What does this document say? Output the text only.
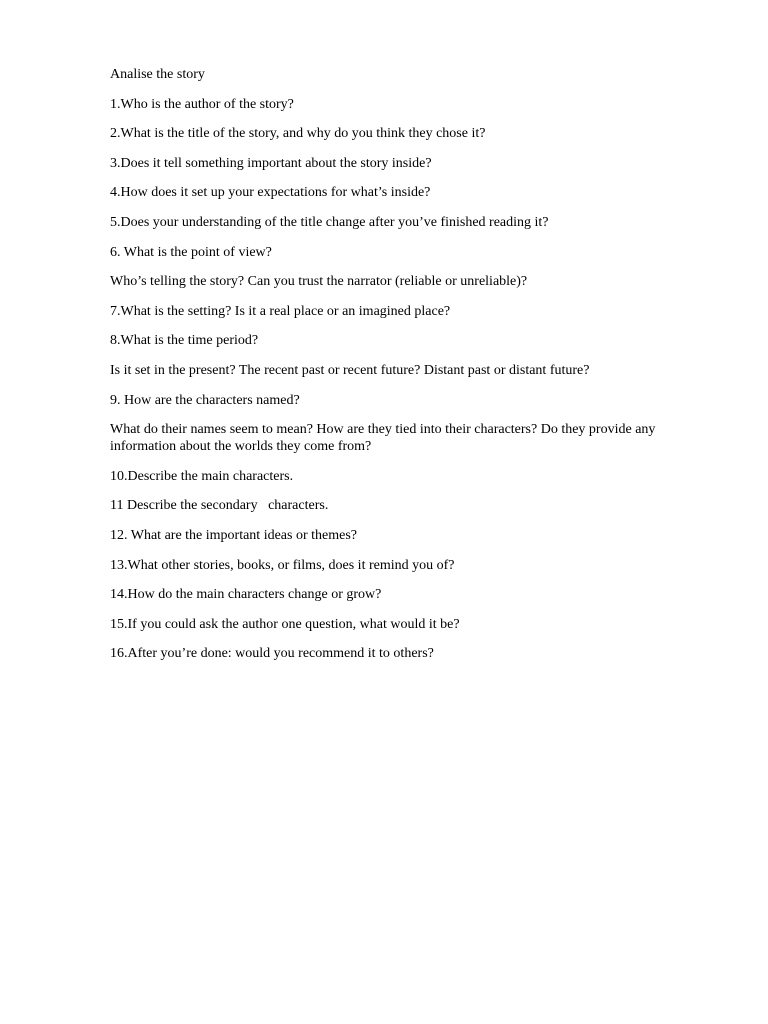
Analise the story

1.Who is the author of the story?

2.What is the title of the story, and why do you think they chose it?

3.Does it tell something important about the story inside?

4.How does it set up your expectations for what’s inside?

5.Does your understanding of the title change after you’ve finished reading it?

6. What is the point of view?

Who’s telling the story? Can you trust the narrator (reliable or unreliable)?

7.What is the setting? Is it a real place or an imagined place?

8.What is the time period?

Is it set in the present? The recent past or recent future? Distant past or distant future?

9. How are the characters named?

What do their names seem to mean? How are they tied into their characters? Do they provide any information about the worlds they come from?

10.Describe the main characters.

11 Describe the secondary   characters.

12. What are the important ideas or themes?

13.What other stories, books, or films, does it remind you of?

14.How do the main characters change or grow?

15.If you could ask the author one question, what would it be?

16.After you’re done: would you recommend it to others?
